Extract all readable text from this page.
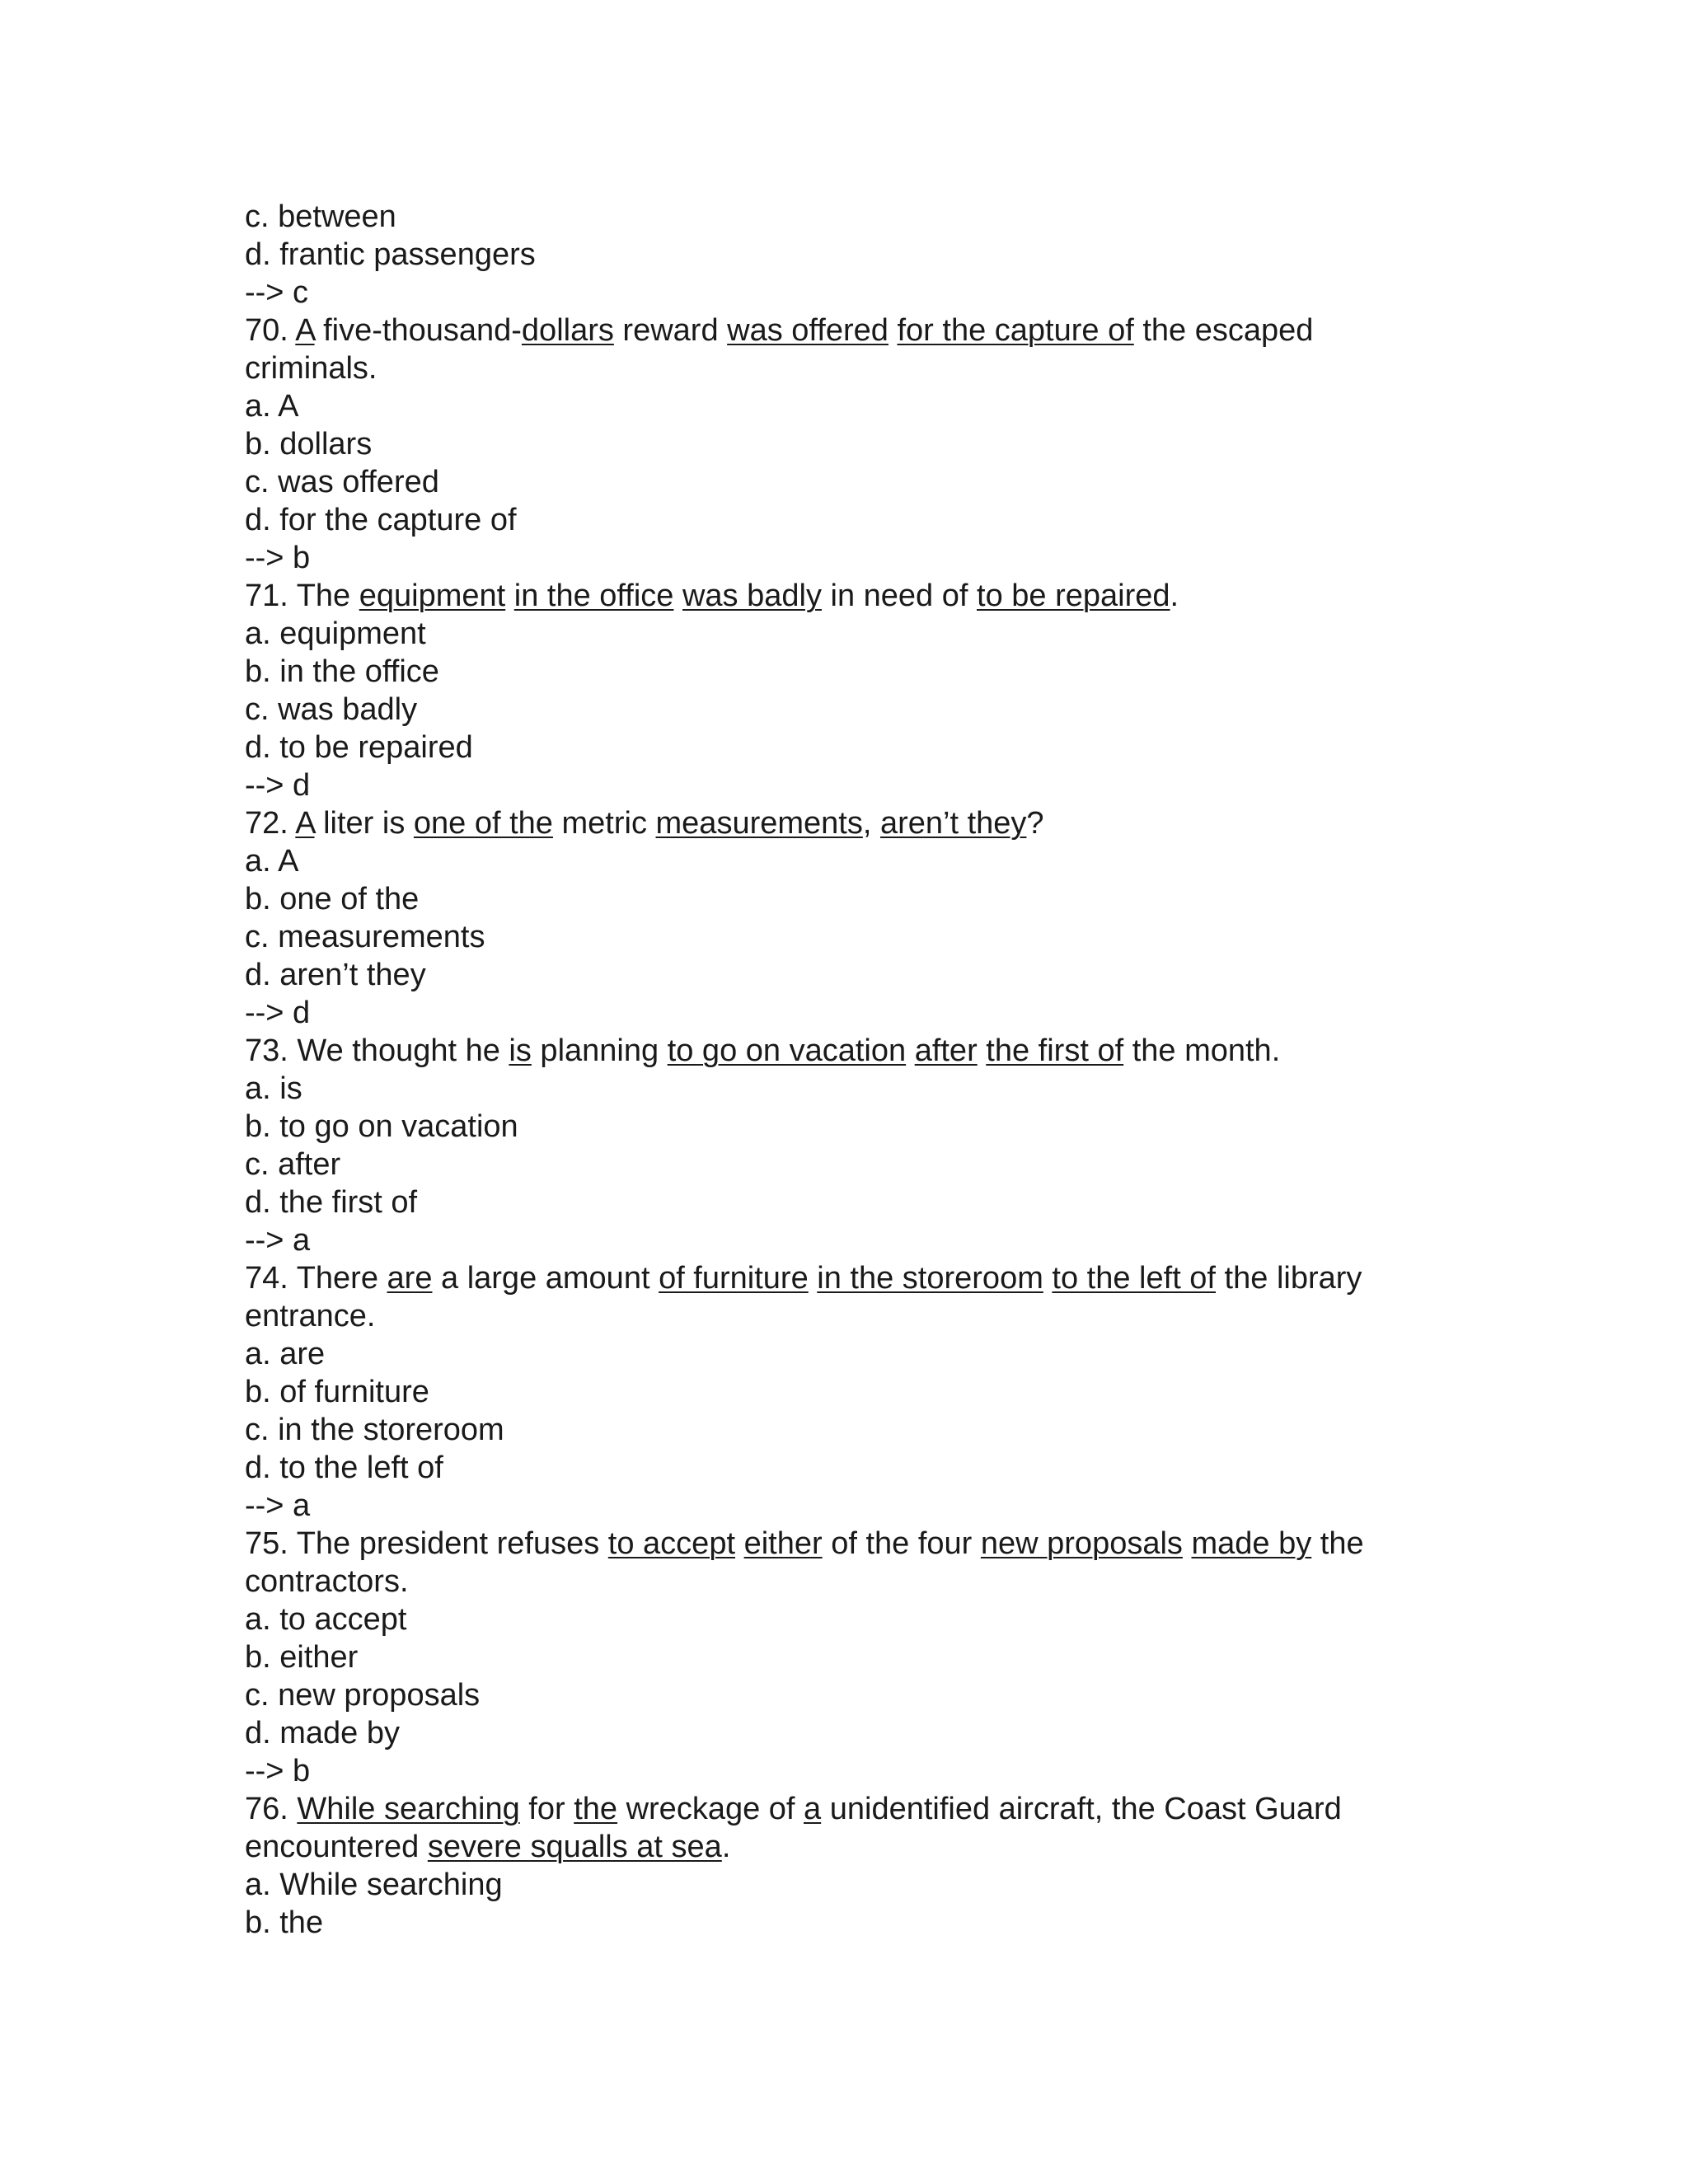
c. between
d. frantic passengers
--> c
70. A five-thousand-dollars reward was offered for the capture of the escaped
criminals.
a. A
b. dollars
c. was offered
d. for the capture of
--> b
71. The equipment in the office was badly in need of to be repaired.
a. equipment
b. in the office
c. was badly
d. to be repaired
--> d
72. A liter is one of the metric measurements, aren’t they?
a. A
b. one of the
c. measurements
d. aren’t they
--> d
73. We thought he is planning to go on vacation after the first of the month.
a. is
b. to go on vacation
c. after
d. the first of
--> a
74. There are a large amount of furniture in the storeroom to the left of the library
entrance.
a. are
b. of furniture
c. in the storeroom
d. to the left of
--> a
75. The president refuses to accept either of the four new proposals made by the
contractors.
a. to accept
b. either
c. new proposals
d. made by
--> b
76. While searching for the wreckage of a unidentified aircraft, the Coast Guard
encountered severe squalls at sea.
a. While searching
b. the
